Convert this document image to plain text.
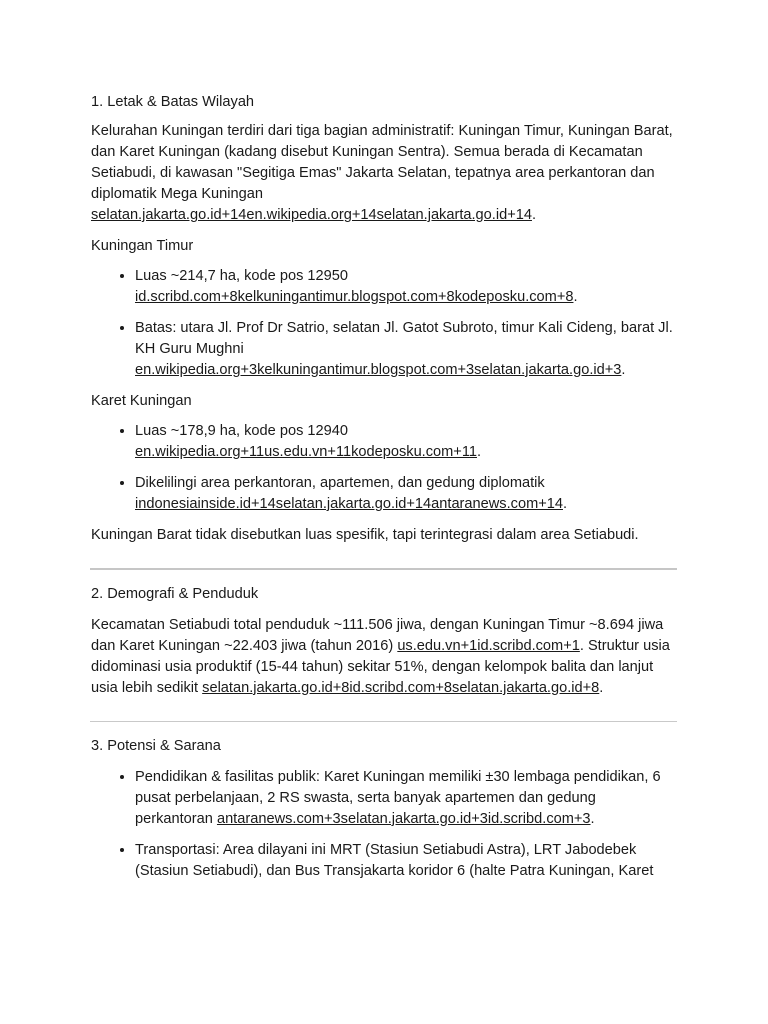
1. Letak & Batas Wilayah
Kelurahan Kuningan terdiri dari tiga bagian administratif: Kuningan Timur, Kuningan Barat, dan Karet Kuningan (kadang disebut Kuningan Sentra). Semua berada di Kecamatan Setiabudi, di kawasan "Segitiga Emas" Jakarta Selatan, tepatnya area perkantoran dan diplomatik Mega Kuningan selatan.jakarta.go.id+14en.wikipedia.org+14selatan.jakarta.go.id+14.
Kuningan Timur
• Luas ~214,7 ha, kode pos 12950 id.scribd.com+8kelkuningantimur.blogspot.com+8kodeposku.com+8.
• Batas: utara Jl. Prof Dr Satrio, selatan Jl. Gatot Subroto, timur Kali Cideng, barat Jl. KH Guru Mughni en.wikipedia.org+3kelkuningantimur.blogspot.com+3selatan.jakarta.go.id+3.
Karet Kuningan
• Luas ~178,9 ha, kode pos 12940 en.wikipedia.org+11us.edu.vn+11kodeposku.com+11.
• Dikelilingi area perkantoran, apartemen, dan gedung diplomatik indonesiainside.id+14selatan.jakarta.go.id+14antaranews.com+14.
Kuningan Barat tidak disebutkan luas spesifik, tapi terintegrasi dalam area Setiabudi.
2. Demografi & Penduduk
Kecamatan Setiabudi total penduduk ~111.506 jiwa, dengan Kuningan Timur ~8.694 jiwa dan Karet Kuningan ~22.403 jiwa (tahun 2016) us.edu.vn+1id.scribd.com+1. Struktur usia didominasi usia produktif (15-44 tahun) sekitar 51%, dengan kelompok balita dan lanjut usia lebih sedikit selatan.jakarta.go.id+8id.scribd.com+8selatan.jakarta.go.id+8.
3. Potensi & Sarana
• Pendidikan & fasilitas publik: Karet Kuningan memiliki ±30 lembaga pendidikan, 6 pusat perbelanjaan, 2 RS swasta, serta banyak apartemen dan gedung perkantoran antaranews.com+3selatan.jakarta.go.id+3id.scribd.com+3.
• Transportasi: Area dilayani ini MRT (Stasiun Setiabudi Astra), LRT Jabodebek (Stasiun Setiabudi), dan Bus Transjakarta koridor 6 (halte Patra Kuningan, Karet
